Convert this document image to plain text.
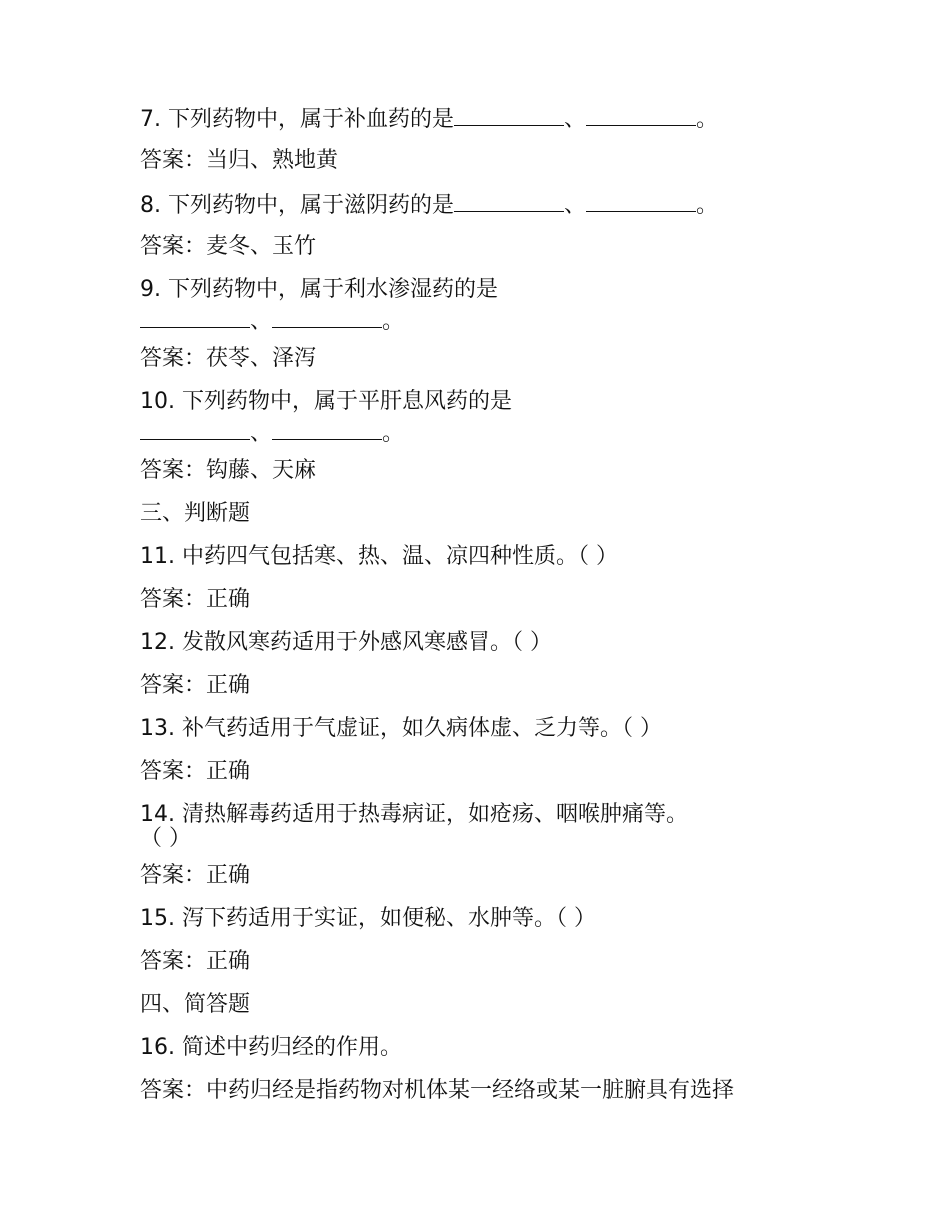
7. 下列药物中，属于补血药的是	、	。

答案：当归、熟地黄

8. 下列药物中，属于滋阴药的是	、	。

答案：麦冬、玉竹

9. 下列药物中，属于利水渗湿药的是
、	。

答案：茯苓、泽泻

10. 下列药物中，属于平肝息风药的是
、	。

答案：钩藤、天麻

三、判断题

11. 中药四气包括寒、热、温、凉四种性质。（ ）

答案：正确

12. 发散风寒药适用于外感风寒感冒。（ ）

答案：正确

13. 补气药适用于气虚证，如久病体虚、乏力等。（ ）

答案：正确

14. 清热解毒药适用于热毒病证，如疮疡、咽喉肿痛等。
（ ）

答案：正确

15. 泻下药适用于实证，如便秘、水肿等。（ ）

答案：正确

四、简答题

16. 简述中药归经的作用。

答案：中药归经是指药物对机体某一经络或某一脏腑具有选择
